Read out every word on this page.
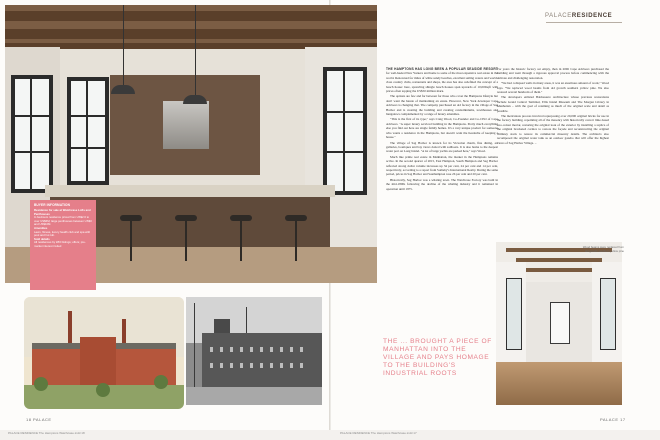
BUYER INFORMATION
Residence for sale at Watchcase Lofts and Penthouses
In bedroom residence priced from US$2.6 to over US$6M; large penthouses between US$3 and US$10M.
Amenities
Lawn, fitness, luxury health club and spa with pool and hot tub.
Sold details
All residences by WDI listings; offers; pre-market interest invited
18 PALACE	PALACE 17
PALACE RESIDENCE The Hamptons Watchcase.indd 18	PALACE RESIDENCE The Hamptons Watchcase.indd 17
PALACERESIDENCE

THE HAMPTONS HAS LONG BEEN A POPULAR SEASIDE RESORT for well-heeled New Yorkers and home to some of the most expensive real estate in the world. Renowned for miles of white sandy beaches, excellent sailing waters and world-class country clubs, restaurants and shops, the area has also redefined the concept of a beach house: here, sprawling shingle beach houses span upwards of 10,000sqft with prices often topping the US$50 million mark.

The options are few and far between for those who covet the Hamptons lifestyle but don't want the hassle of maintaining an estate. However, New York developer Cape Advisors is changing that. The company purchased an old factory in the village of Sag Harbor and is creating the building and creating condominiums, townhouses and bungalows complemented by a range of luxury amenities.

"This is the first of its type," says Craig Wood, Co-Founder and Co-CEO of Cape Advisors. "A super luxury serviced building in the Hamptons. Pretty much everything else you find out here are single family homes. It's a very unique product for someone who wants a residence in the Hamptons, but doesn't want the headache of keeping a house."

The village of Sag Harbor is known for its Victorian charm, fine dining, art galleries, boutiques and bay views dotted with sailboats. It is also home to the deepest water port on Long Island. "A lot of large yachts are parked here," says Wood.

Much like prime real estate in Manhattan, the market in the Hamptons remains active. In the second quarter of 2015, East Hampton, South Hampton and Sag Harbor reflected strong dollar volume increases up 34 per cent, 24 per cent and 14 per cent, respectively, according to a report from Sotheby's International Realty. During the same period, prices in Sag Harbor and Southampton rose 26 per cent and 20 per cent.

Historically, Sag Harbor was a whaling town. The Watchcase Factory was built in the mid-1800s following the decline of the whaling industry and it remained in operation until 1975.

For years the historic factory sat empty, then in 2006 Cape Advisors purchased the building and went through a rigorous approval process before commencing with the delicate and challenging restoration.

"We had collapsed walls in many areas, it was an enormous amount of work," Wood says. "We replaced wood beams from old growth southern yellow pine. We also restored several hundreds of them."

The developers enlisted Baldassarre Architecture whose previous restorations include Grand Central Terminal, Ellis Island Museum and The Morgan Library in Manhattan – with the goal of retaining as much of the original scale and detail as possible.

The meticulous process involved repurposing over 20,000 original bricks for use in the factory building, repointing all of the masonry with historically correct lime-based two-colour mortar, restoring the original look of the exterior by installing a replica of the original bracketed cornice to restore the façade and reconstructing the original chimney stack to restore its commercial masonry details. The architects also recomposed the original water tank as an outdoor gazebo that will offer the highest views of Sag Harbor Village. –

THE ... BROUGHT A PIECE OF MANHATTAN INTO THE VILLAGE AND PAYS HOMAGE TO THE BUILDING'S INDUSTRIAL ROOTS
Wood beams were replaced from old growth southern yellow pine
